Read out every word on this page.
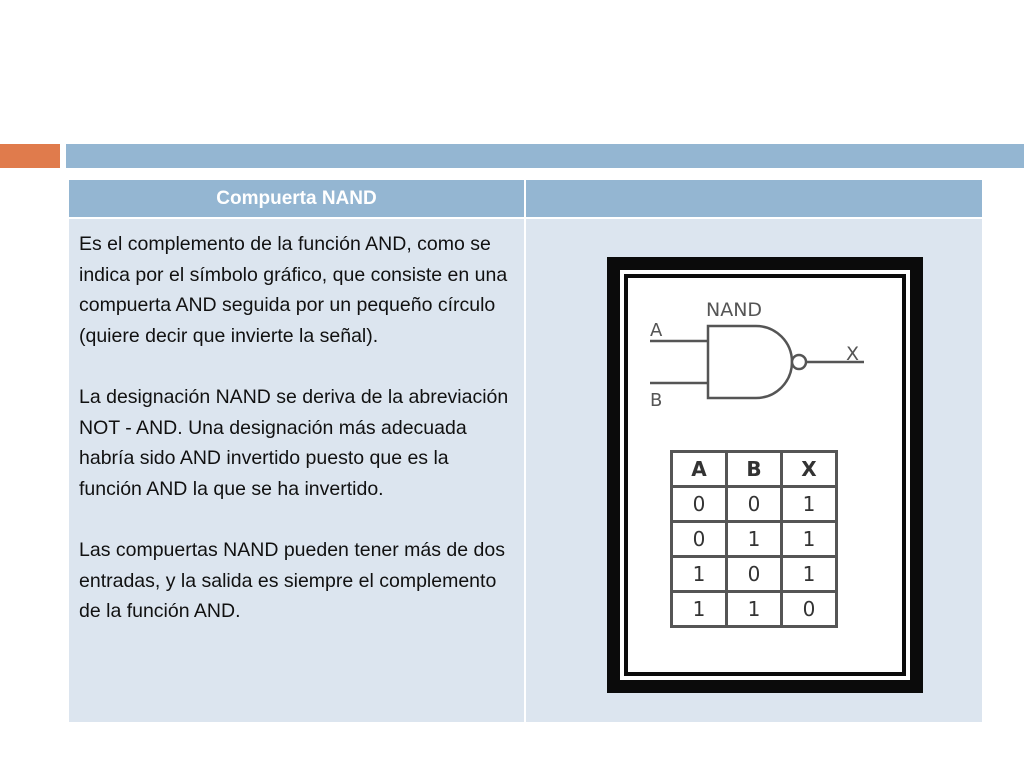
Compuerta NAND	

Es el complemento de la función AND, como se indica por el símbolo gráfico, que consiste en una compuerta AND seguida por un pequeño círculo (quiere decir que invierte la señal).

La designación NAND se deriva de la abreviación NOT - AND. Una designación más adecuada habría sido AND invertido puesto que es la función AND la que se ha invertido.

Las compuertas NAND pueden tener más de dos entradas, y la salida es siempre el complemento de la función AND.

NAND
A
B
X
A	B	X
0	0	1
0	1	1
1	0	1
1	1	0
